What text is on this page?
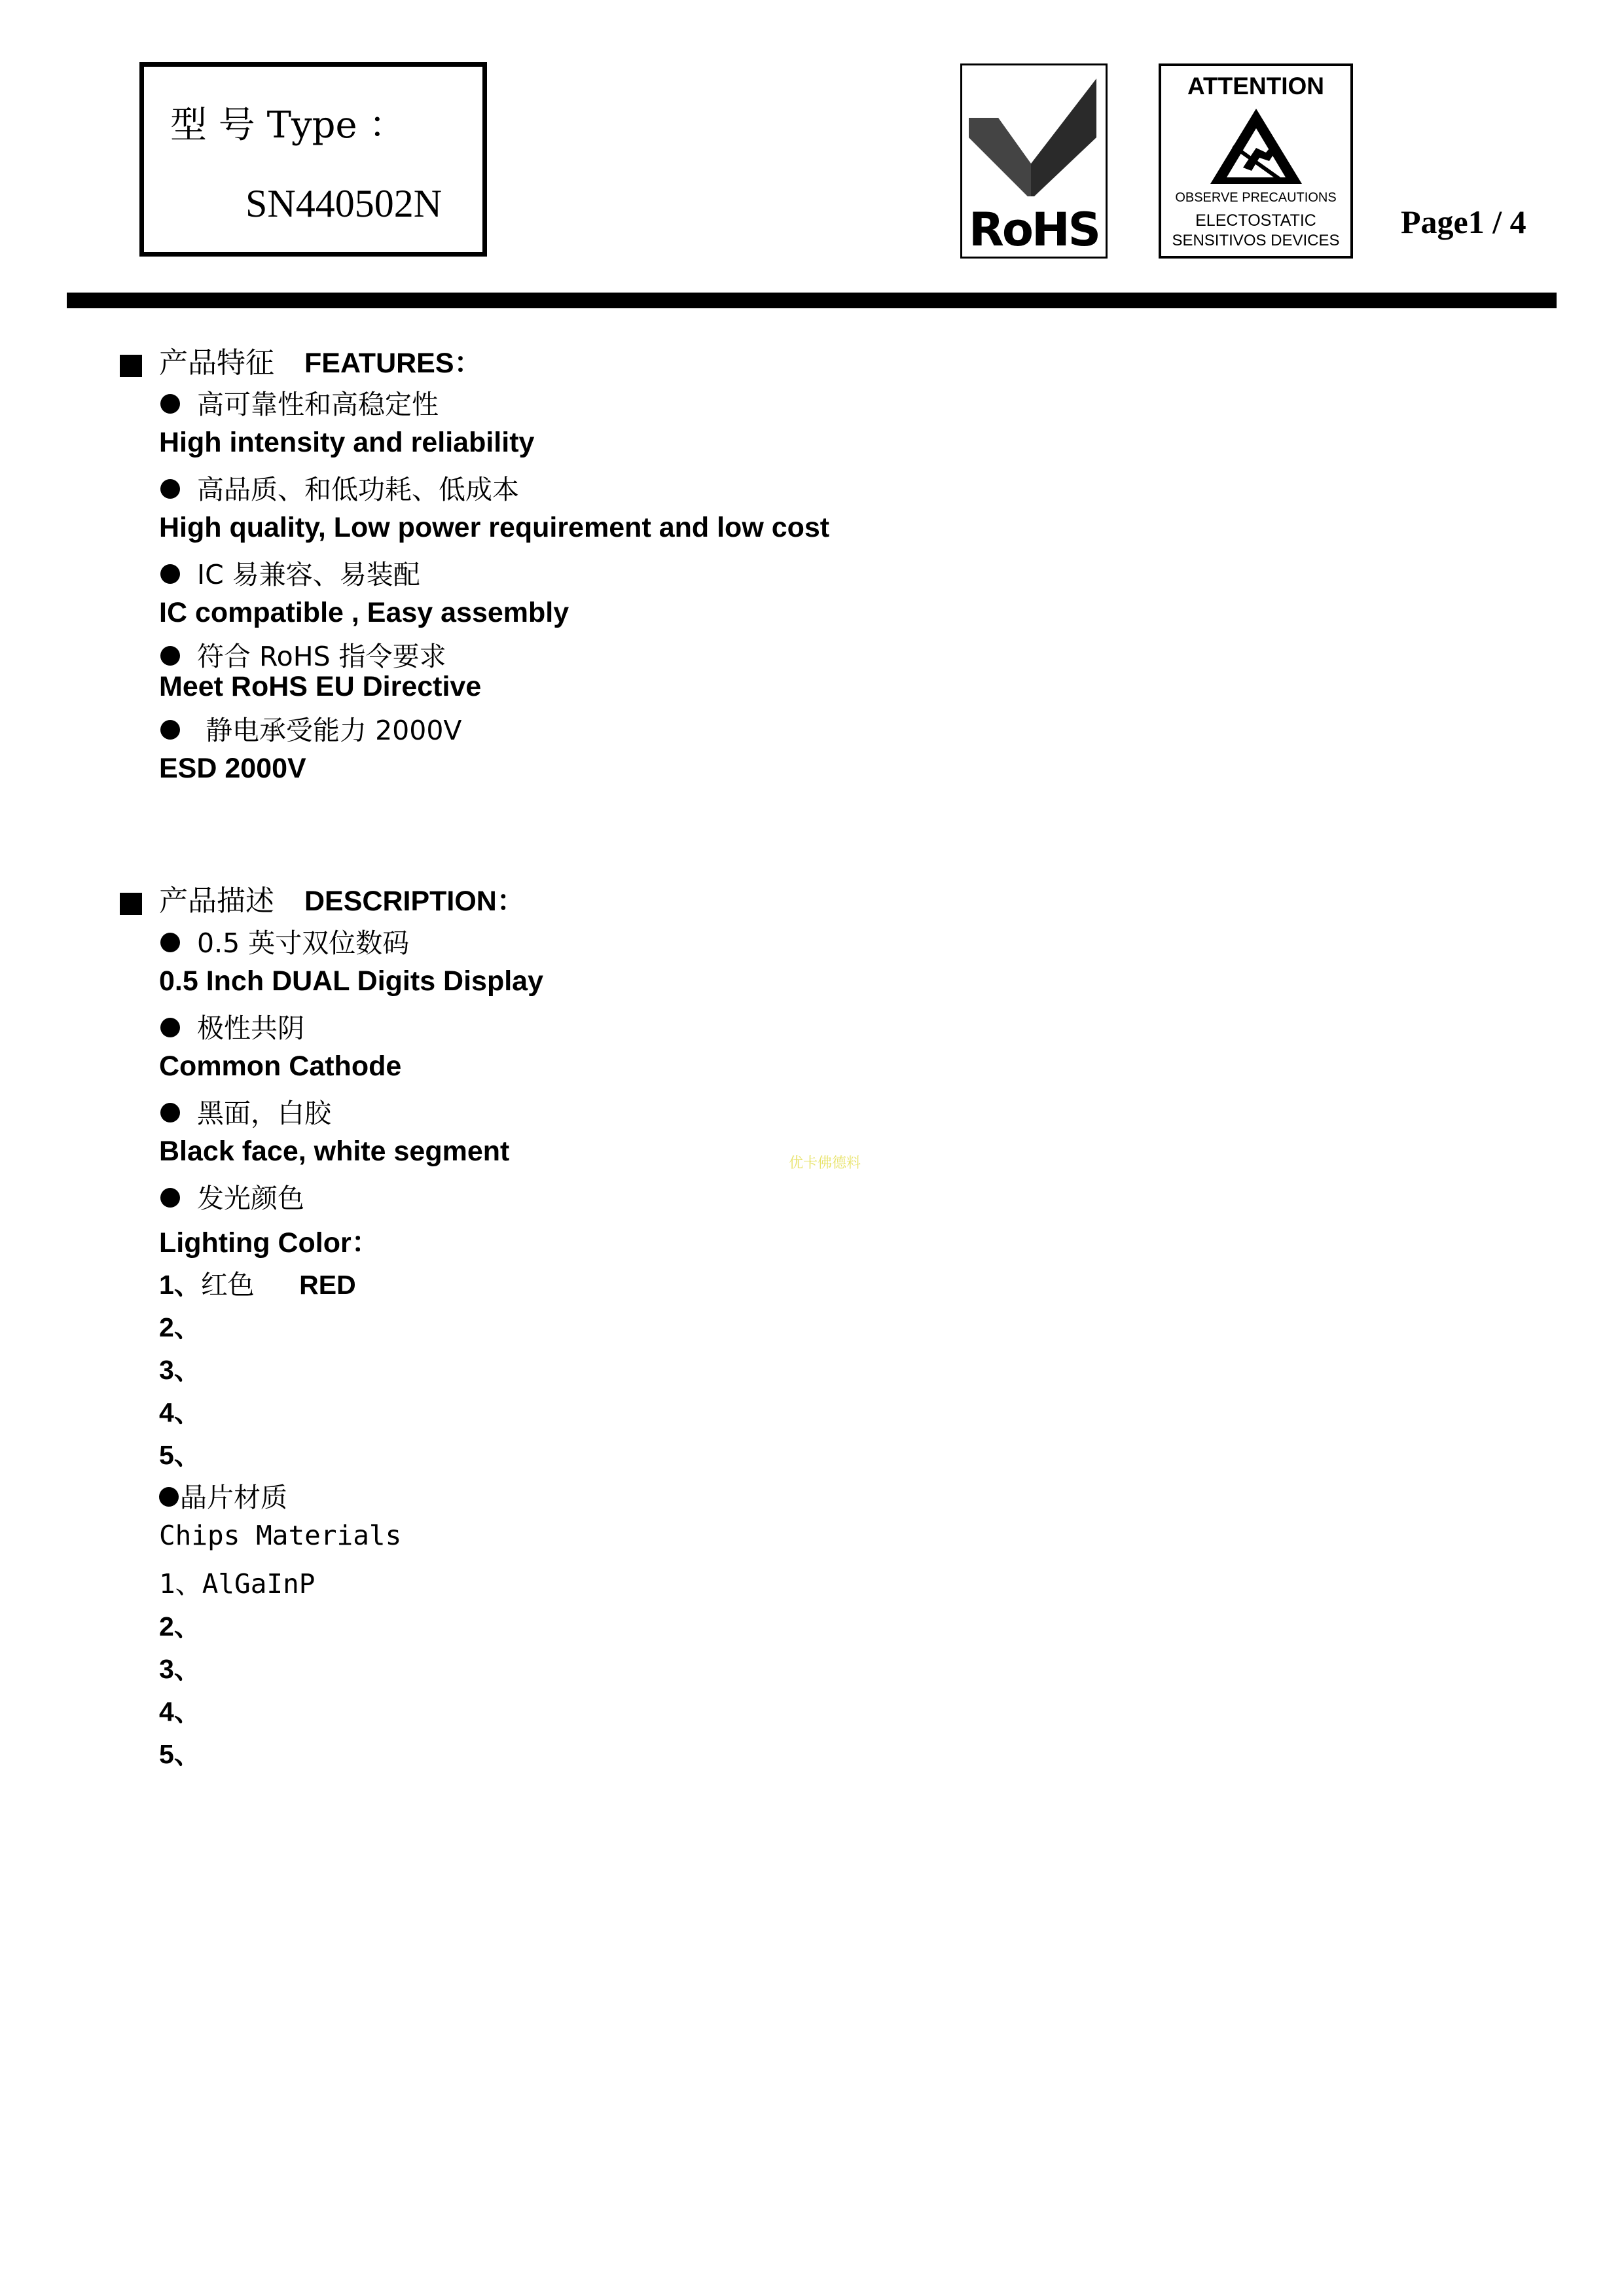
型 号 Type ：
SN440502N	RoHS
ATTENTION
OBSERVE PRECAUTIONS
ELECTOSTATIC
SENSITIVOS DEVICES
Page1 / 4
产品特征 FEATURES：
高可靠性和高稳定性
High intensity and reliability
高品质、和低功耗、低成本
High quality, Low power requirement and low cost
IC 易兼容、易装配
IC compatible , Easy assembly
符合 RoHS 指令要求
Meet RoHS EU Directive
静电承受能力 2000V
ESD 2000V
产品描述 DESCRIPTION：
0.5 英寸双位数码
0.5 Inch DUAL Digits Display
极性共阴
Common Cathode
黑面，白胶
Black face, white segment	优卡佛德料
发光颜色
Lighting Color：
1、红色 RED
2、
3、
4、
5、
晶片材质
Chips Materials
1、AlGaInP
2、
3、
4、
5、
